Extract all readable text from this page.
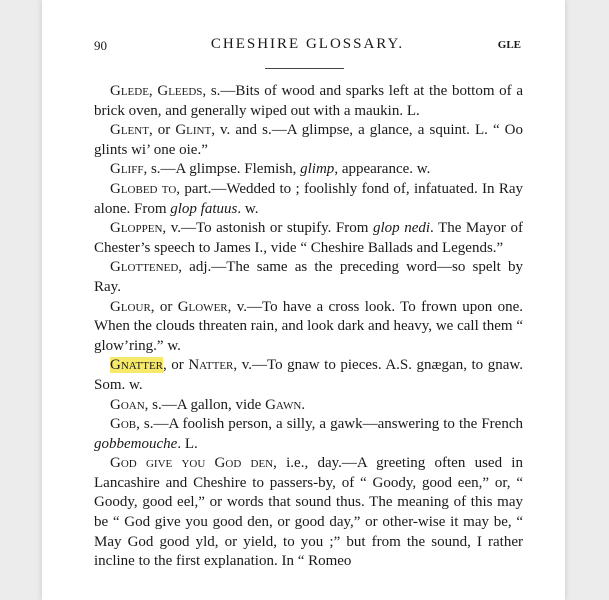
90	CHESHIRE GLOSSARY.	GLE

Glede, Gleeds, s.—Bits of wood and sparks left at the bottom of a brick oven, and generally wiped out with a maukin. L.

Glent, or Glint, v. and s.—A glimpse, a glance, a squint. L. “ Oo glints wi’ one oie.”

Gliff, s.—A glimpse. Flemish, glimp, appearance. w.

Globed to, part.—Wedded to ; foolishly fond of, infatuated. In Ray alone. From glop fatuus. w.

Gloppen, v.—To astonish or stupify. From glop nedi. The Mayor of Chester’s speech to James I., vide “ Cheshire Ballads and Legends.”

Glottened, adj.—The same as the preceding word—so spelt by Ray.

Glour, or Glower, v.—To have a cross look. To frown upon one. When the clouds threaten rain, and look dark and heavy, we call them “ glow’ring.” w.

Gnatter, or Natter, v.—To gnaw to pieces. A.S. gnægan, to gnaw. Som. w.

Goan, s.—A gallon, vide Gawn.

Gob, s.—A foolish person, a silly, a gawk—answering to the French gobbemouche. L.

God give you God den, i.e., day.—A greeting often used in Lancashire and Cheshire to passers-by, of “ Goody, good een,” or, “ Goody, good eel,” or words that sound thus. The meaning of this may be “ God give you good den, or good day,” or other-wise it may be, “ May God good yld, or yield, to you ;” but from the sound, I rather incline to the first explanation. In “ Romeo
